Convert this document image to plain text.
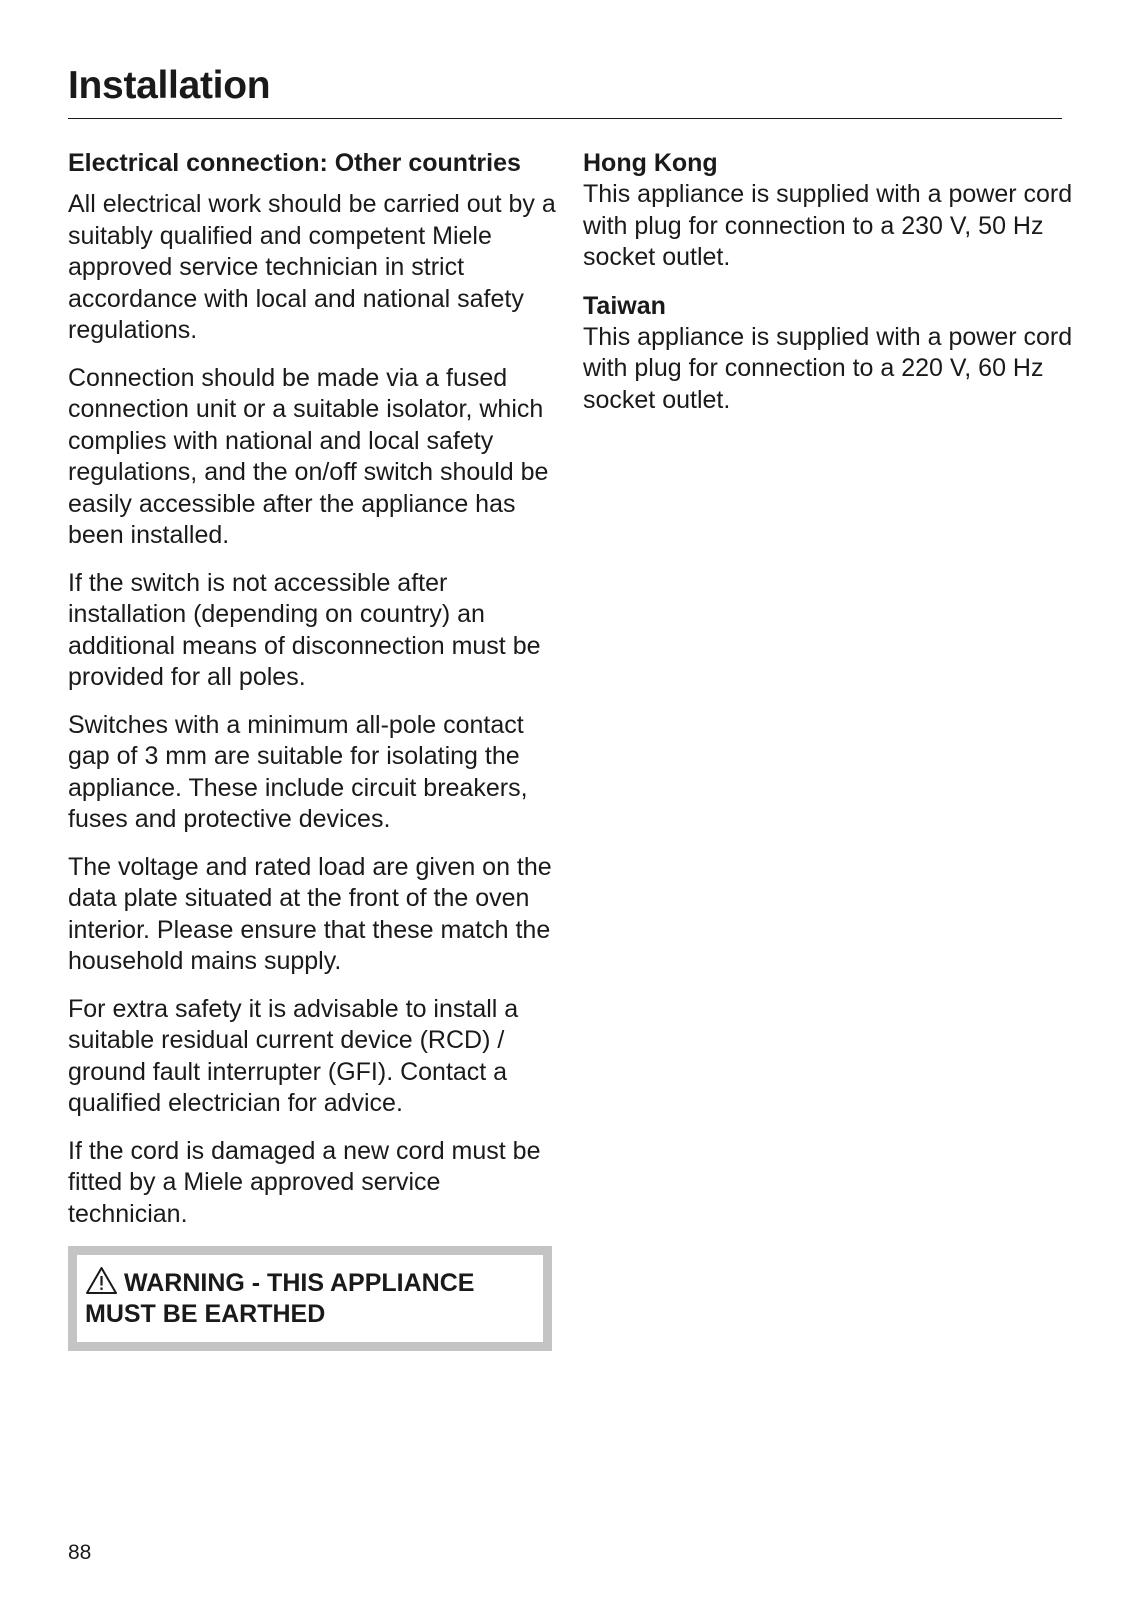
Installation
Electrical connection: Other countries

All electrical work should be carried out by a suitably qualified and competent Miele approved service technician in strict accordance with local and national safety regulations.

Connection should be made via a fused connection unit or a suitable isolator, which complies with national and local safety regulations, and the on/off switch should be easily accessible after the appliance has been installed.

If the switch is not accessible after installation (depending on country) an additional means of disconnection must be provided for all poles.

Switches with a minimum all-pole contact gap of 3 mm are suitable for isolating the appliance. These include circuit breakers, fuses and protective devices.

The voltage and rated load are given on the data plate situated at the front of the oven interior. Please ensure that these match the household mains supply.

For extra safety it is advisable to install a suitable residual current device (RCD) / ground fault interrupter (GFI). Contact a qualified electrician for advice.

If the cord is damaged a new cord must be fitted by a Miele approved service technician.

WARNING - THIS APPLIANCE MUST BE EARTHED
Hong Kong

This appliance is supplied with a power cord with plug for connection to a 230 V, 50 Hz socket outlet.

Taiwan

This appliance is supplied with a power cord with plug for connection to a 220 V, 60 Hz socket outlet.

88
